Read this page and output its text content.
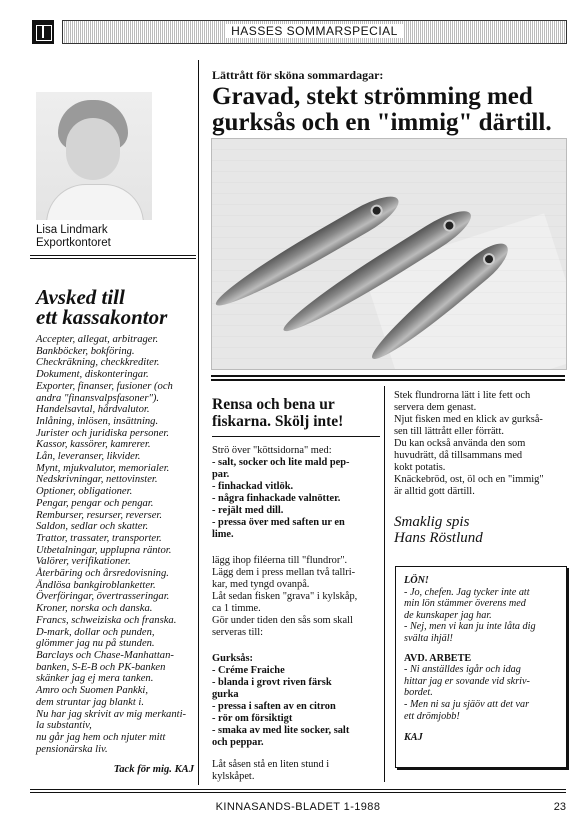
HASSES SOMMARSPECIAL
Lisa Lindmark
Exportkontoret
Avsked till
ett kassakontor
Accepter, allegat, arbitrager.
Bankböcker, bokföring.
Checkräkning, checkkrediter.
Dokument, diskonteringar.
Exporter, finanser, fusioner (och
andra "finansvalpsfasoner").
Handelsavtal, hårdvalutor.
Inlåning, inlösen, insättning.
Jurister och juridiska personer.
Kassor, kassörer, kamrerer.
Lån, leveranser, likvider.
Mynt, mjukvalutor, memorialer.
Nedskrivningar, nettovinster.
Optioner, obligationer.
Pengar, pengar och pengar.
Remburser, resurser, reverser.
Saldon, sedlar och skatter.
Trattor, trassater, transporter.
Utbetalningar, upplupna räntor.
Valörer, verifikationer.
Återbäring och årsredovisning.
Ändlösa bankgiroblanketter.
Överföringar, övertrasseringar.
Kroner, norska och danska.
Francs, schweiziska och franska.
D-mark, dollar och punden,
glömmer jag nu på stunden.
Barclays och Chase-Manhattan-
banken, S-E-B och PK-banken
skänker jag ej mera tanken.
Amro och Suomen Pankki,
dem struntar jag blankt i.
Nu har jag skrivit av mig merkanti-
la substantiv,
nu går jag hem och njuter mitt
pensionärska liv.
Tack för mig. KAJ
Lättrått för sköna sommardagar:
Gravad, stekt strömming med
gurksås och en "immig" därtill.
Rensa och bena ur
fiskarna. Skölj inte!
Strö över "köttsidorna" med:
- salt, socker och lite mald pep-
par.
- finhackad vitlök.
- några finhackade valnötter.
- rejält med dill.
- pressa över med saften ur en
lime.
lägg ihop filéerna till "flundror".
Lägg dem i press mellan två tallri-
kar, med tyngd ovanpå.
Låt sedan fisken "grava" i kylskåp,
ca 1 timme.
Gör under tiden den sås som skall
serveras till:
Gurksås:
- Créme Fraiche
- blanda i grovt riven färsk
gurka
- pressa i saften av en citron
- rör om försiktigt
- smaka av med lite socker, salt
och peppar.
Låt såsen stå en liten stund i
kylskåpet.
Stek flundrorna lätt i lite fett och
servera dem genast.
Njut fisken med en klick av gurkså-
sen till lättrått eller förrätt.
Du kan också använda den som
huvudrätt, då tillsammans med
kokt potatis.
Knäckebröd, ost, öl och en "immig"
är alltid gott därtill.
Smaklig spis
Hans Röstlund
LÖN!
- Jo, chefen. Jag tycker inte att
min lön stämmer överens med
de kunskaper jag har.
- Nej, men vi kan ju inte låta dig
svälta ihjäl!
AVD. ARBETE
- Ni anställdes igår och idag
hittar jag er sovande vid skriv-
bordet.
- Men ni sa ju sjäöv att det var
ett drömjobb!
KAJ
KINNASANDS-BLADET 1-1988	23
